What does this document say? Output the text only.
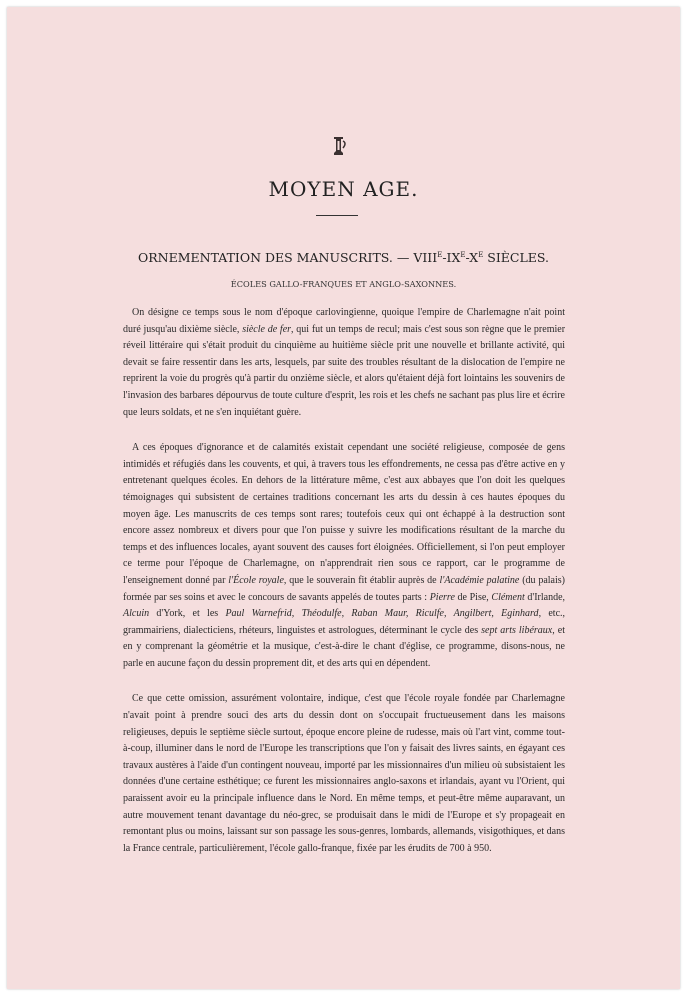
MOYEN AGE.
ORNEMENTATION DES MANUSCRITS. — $VIII^E-IX^E-X^E$ SIÈCLES.
ÉCOLES GALLO-FRANQUES ET ANGLO-SAXONNES.

On désigne ce temps sous le nom d'époque carlovingienne, quoique l'empire de Charlemagne n'ait point duré jusqu'au dixième siècle, siècle de fer, qui fut un temps de recul; mais c'est sous son règne que le premier réveil littéraire qui s'était produit du cinquième au huitième siècle prit une nouvelle et brillante activité, qui devait se faire ressentir dans les arts, lesquels, par suite des troubles résultant de la dislocation de l'empire ne reprirent la voie du progrès qu'à partir du onzième siècle, et alors qu'étaient déjà fort lointains les souvenirs de l'invasion des barbares dépourvus de toute culture d'esprit, les rois et les chefs ne sachant pas plus lire et écrire que leurs soldats, et ne s'en inquiétant guère.

A ces époques d'ignorance et de calamités existait cependant une société religieuse, composée de gens intimidés et réfugiés dans les couvents, et qui, à travers tous les effondrements, ne cessa pas d'être active en y entretenant quelques écoles. En dehors de la littérature même, c'est aux abbayes que l'on doit les quelques témoignages qui subsistent de certaines traditions concernant les arts du dessin à ces hautes époques du moyen âge. Les manuscrits de ces temps sont rares; toutefois ceux qui ont échappé à la destruction sont encore assez nombreux et divers pour que l'on puisse y suivre les modifications résultant de la marche du temps et des influences locales, ayant souvent des causes fort éloignées. Officiellement, si l'on peut employer ce terme pour l'époque de Charlemagne, on n'apprendrait rien sous ce rapport, car le programme de l'enseignement donné par l'École royale, que le souverain fit établir auprès de l'Académie palatine (du palais) formée par ses soins et avec le concours de savants appelés de toutes parts : Pierre de Pise, Clément d'Irlande, Alcuin d'York, et les Paul Warnefrid, Théodulfe, Raban Maur, Riculfe, Angilbert, Eginhard, etc., grammairiens, dialecticiens, rhéteurs, linguistes et astrologues, déterminant le cycle des sept arts libéraux, et en y comprenant la géométrie et la musique, c'est-à-dire le chant d'église, ce programme, disons-nous, ne parle en aucune façon du dessin proprement dit, et des arts qui en dépendent.

Ce que cette omission, assurément volontaire, indique, c'est que l'école royale fondée par Charlemagne n'avait point à prendre souci des arts du dessin dont on s'occupait fructueusement dans les maisons religieuses, depuis le septième siècle surtout, époque encore pleine de rudesse, mais où l'art vint, comme tout-à-coup, illuminer dans le nord de l'Europe les transcriptions que l'on y faisait des livres saints, en égayant ces travaux austères à l'aide d'un contingent nouveau, importé par les missionnaires d'un milieu où subsistaient les données d'une certaine esthétique; ce furent les missionnaires anglo-saxons et irlandais, ayant vu l'Orient, qui paraissent avoir eu la principale influence dans le Nord. En même temps, et peut-être même auparavant, un autre mouvement tenant davantage du néo-grec, se produisait dans le midi de l'Europe et s'y propageait en remontant plus ou moins, laissant sur son passage les sous-genres, lombards, allemands, visigothiques, et dans la France centrale, particulièrement, l'école gallo-franque, fixée par les érudits de 700 à 950.
